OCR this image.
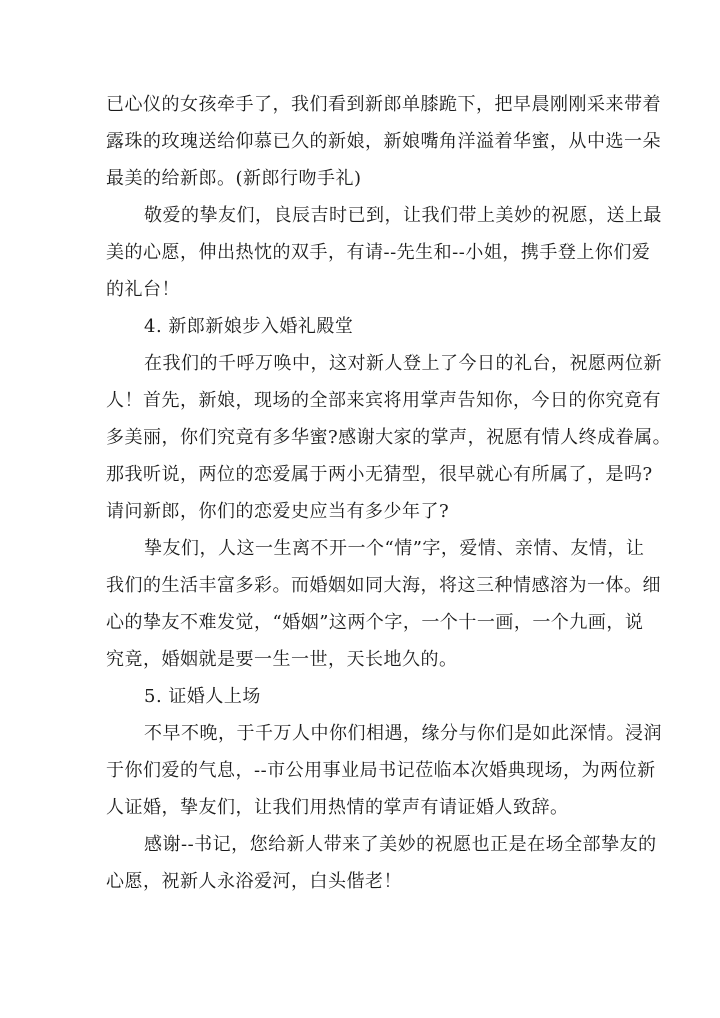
已心仪的女孩牵手了，我们看到新郎单膝跪下，把早晨刚刚采来带着
露珠的玫瑰送给仰慕已久的新娘，新娘嘴角洋溢着华蜜，从中选一朵
最美的给新郎。(新郎行吻手礼)

敬爱的挚友们，良辰吉时已到，让我们带上美妙的祝愿，送上最
美的心愿，伸出热忱的双手，有请--先生和--小姐，携手登上你们爱
的礼台！

4. 新郎新娘步入婚礼殿堂

在我们的千呼万唤中，这对新人登上了今日的礼台，祝愿两位新
人！首先，新娘，现场的全部来宾将用掌声告知你，今日的你究竟有
多美丽，你们究竟有多华蜜?感谢大家的掌声，祝愿有情人终成眷属。
那我听说，两位的恋爱属于两小无猜型，很早就心有所属了，是吗?
请问新郎，你们的恋爱史应当有多少年了?

挚友们，人这一生离不开一个“情”字，爱情、亲情、友情，让
我们的生活丰富多彩。而婚姻如同大海，将这三种情感溶为一体。细
心的挚友不难发觉，“婚姻”这两个字，一个十一画，一个九画，说
究竟，婚姻就是要一生一世，天长地久的。

5. 证婚人上场

不早不晚，于千万人中你们相遇，缘分与你们是如此深情。浸润
于你们爱的气息，--市公用事业局书记莅临本次婚典现场，为两位新
人证婚，挚友们，让我们用热情的掌声有请证婚人致辞。

感谢--书记，您给新人带来了美妙的祝愿也正是在场全部挚友的
心愿，祝新人永浴爱河，白头偕老！
